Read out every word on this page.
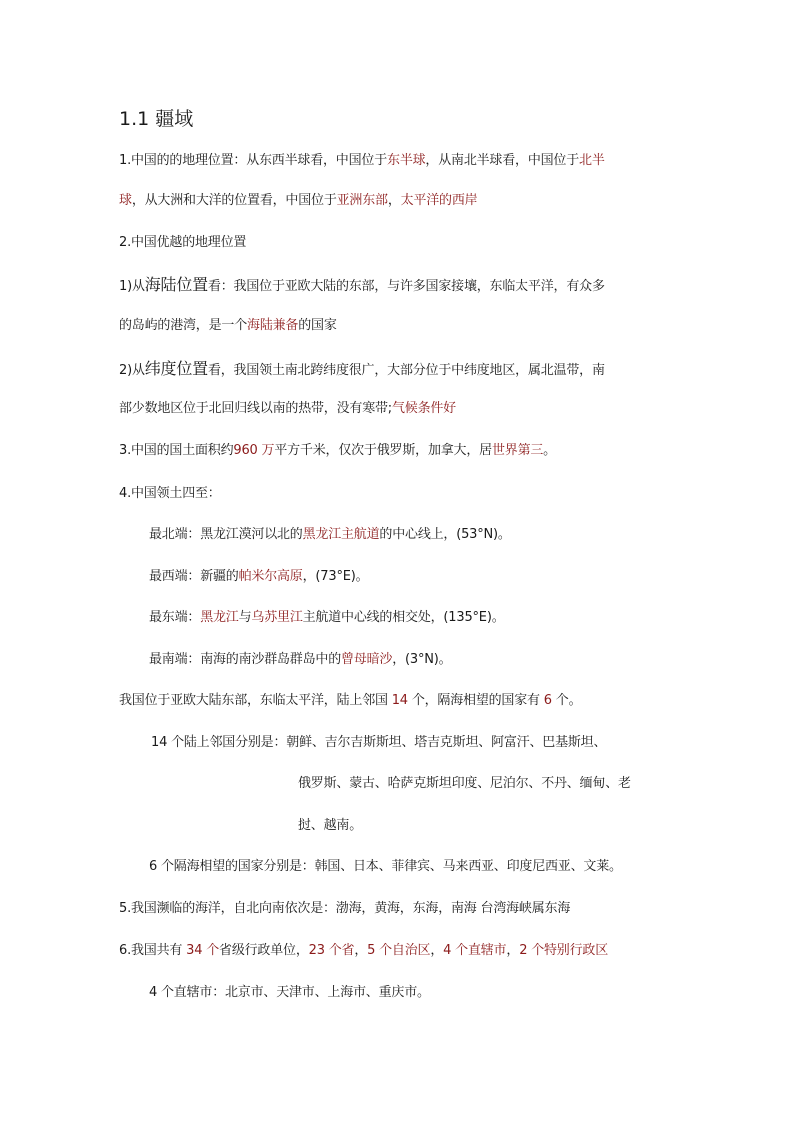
1.1 疆域
1.中国的的地理位置：从东西半球看，中国位于东半球，从南北半球看，中国位于北半
球，从大洲和大洋的位置看，中国位于亚洲东部，太平洋的西岸
2.中国优越的地理位置
1)从海陆位置看：我国位于亚欧大陆的东部，与许多国家接壤，东临太平洋，有众多
的岛屿的港湾，是一个海陆兼备的国家
2)从纬度位置看，我国领土南北跨纬度很广，大部分位于中纬度地区，属北温带，南
部少数地区位于北回归线以南的热带，没有寒带;气候条件好
3.中国的国土面积约960 万平方千米，仅次于俄罗斯，加拿大，居世界第三。
4.中国领土四至：
最北端：黑龙江漠河以北的黑龙江主航道的中心线上，(53°N)。
最西端：新疆的帕米尔高原，(73°E)。
最东端：黑龙江与乌苏里江主航道中心线的相交处，(135°E)。
最南端：南海的南沙群岛群岛中的曾母暗沙，(3°N)。
我国位于亚欧大陆东部，东临太平洋，陆上邻国 14 个，隔海相望的国家有 6 个。
14 个陆上邻国分别是：朝鲜、吉尔吉斯斯坦、塔吉克斯坦、阿富汗、巴基斯坦、
俄罗斯、蒙古、哈萨克斯坦印度、尼泊尔、不丹、缅甸、老
挝、越南。
6 个隔海相望的国家分别是：韩国、日本、菲律宾、马来西亚、印度尼西亚、文莱。
5.我国濒临的海洋，自北向南依次是：渤海，黄海，东海，南海 台湾海峡属东海
6.我国共有 34 个省级行政单位，23 个省，5 个自治区，4 个直辖市，2 个特别行政区
4 个直辖市：北京市、天津市、上海市、重庆市。
